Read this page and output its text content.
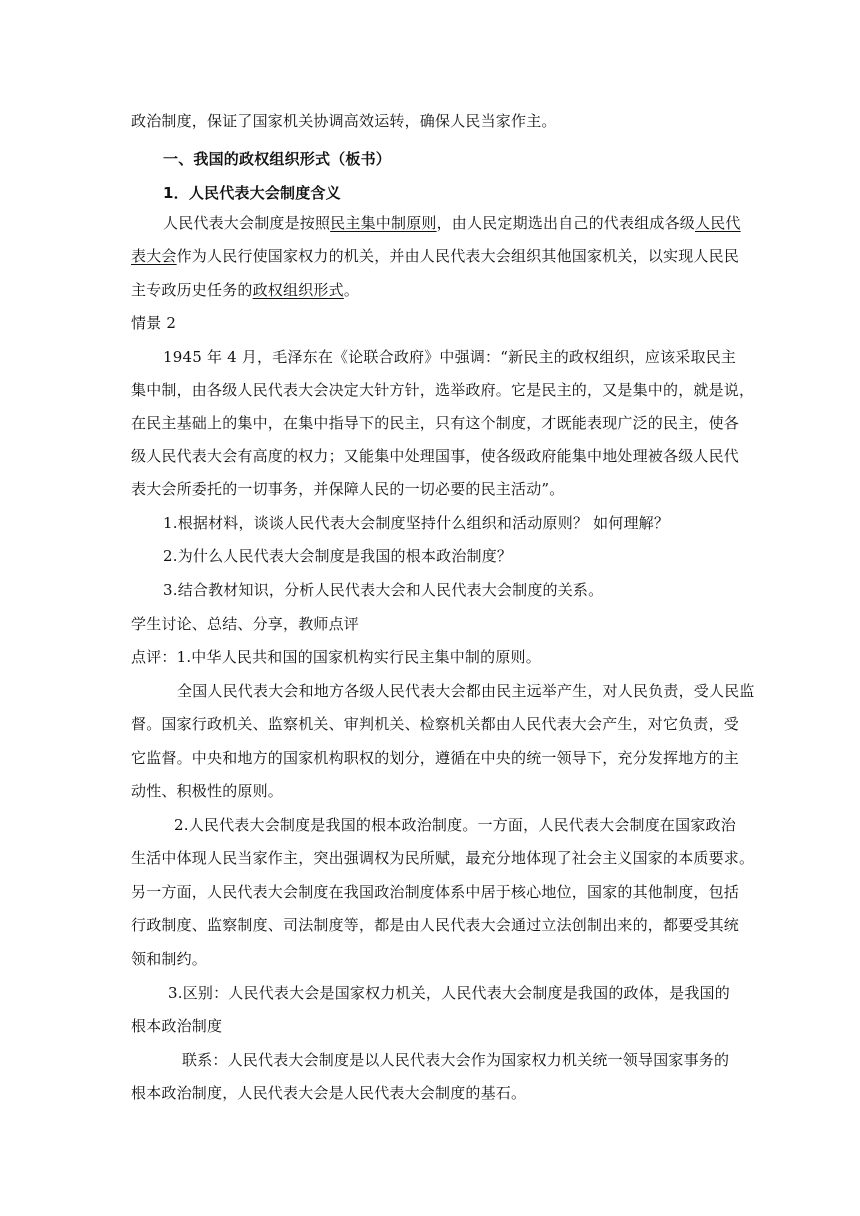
政治制度，保证了国家机关协调高效运转，确保人民当家作主。
一、我国的政权组织形式（板书）
1．人民代表大会制度含义
人民代表大会制度是按照民主集中制原则，由人民定期选出自己的代表组成各级人民代
表大会作为人民行使国家权力的机关，并由人民代表大会组织其他国家机关，以实现人民民
主专政历史任务的政权组织形式。
情景 2
1945 年 4 月，毛泽东在《论联合政府》中强调：“新民主的政权组织，应该采取民主
集中制，由各级人民代表大会决定大针方针，选举政府。它是民主的，又是集中的，就是说，
在民主基础上的集中，在集中指导下的民主，只有这个制度，才既能表现广泛的民主，使各
级人民代表大会有高度的权力；又能集中处理国事，使各级政府能集中地处理被各级人民代
表大会所委托的一切事务，并保障人民的一切必要的民主活动”。
1.根据材料，谈谈人民代表大会制度坚持什么组织和活动原则？ 如何理解？
2.为什么人民代表大会制度是我国的根本政治制度？
3.结合教材知识，分析人民代表大会和人民代表大会制度的关系。
学生讨论、总结、分享，教师点评
点评：1.中华人民共和国的国家机构实行民主集中制的原则。
全国人民代表大会和地方各级人民代表大会都由民主远举产生，对人民负责，受人民监
督。国家行政机关、监察机关、审判机关、检察机关都由人民代表大会产生，对它负责，受
它监督。中央和地方的国家机构职权的划分，遵循在中央的统一领导下，充分发挥地方的主
动性、积极性的原则。
2.人民代表大会制度是我国的根本政治制度。一方面，人民代表大会制度在国家政治
生活中体现人民当家作主，突出强调权为民所赋，最充分地体现了社会主义国家的本质要求。
另一方面，人民代表大会制度在我国政治制度体系中居于核心地位，国家的其他制度，包括
行政制度、监察制度、司法制度等，都是由人民代表大会通过立法创制出来的，都要受其统
领和制约。
3.区别：人民代表大会是国家权力机关，人民代表大会制度是我国的政体，是我国的
根本政治制度
联系：人民代表大会制度是以人民代表大会作为国家权力机关统一领导国家事务的
根本政治制度，人民代表大会是人民代表大会制度的基石。
